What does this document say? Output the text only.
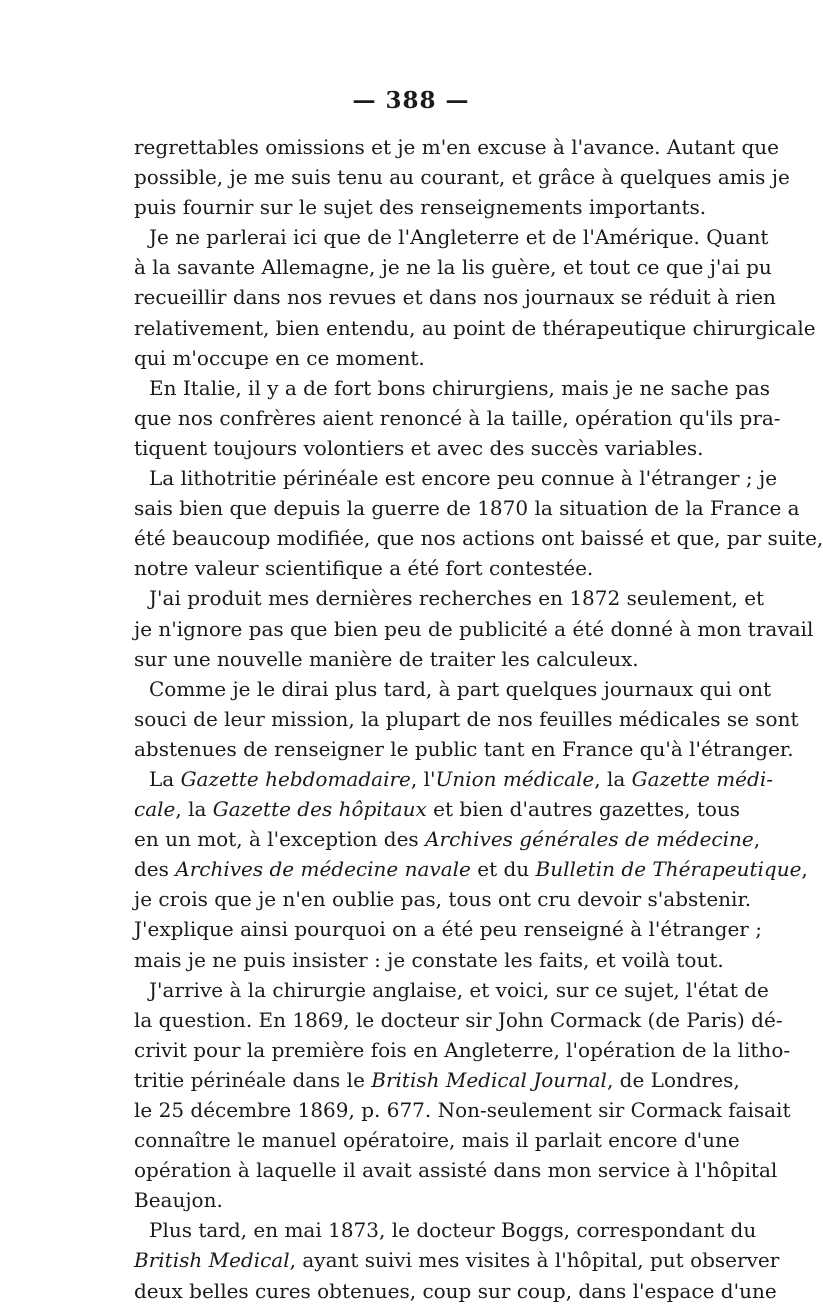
— 388 —
regrettables omissions et je m'en excuse à l'avance. Autant que
possible, je me suis tenu au courant, et grâce à quelques amis je
puis fournir sur le sujet des renseignements importants.
Je ne parlerai ici que de l'Angleterre et de l'Amérique. Quant
à la savante Allemagne, je ne la lis guère, et tout ce que j'ai pu
recueillir dans nos revues et dans nos journaux se réduit à rien
relativement, bien entendu, au point de thérapeutique chirurgicale
qui m'occupe en ce moment.
En Italie, il y a de fort bons chirurgiens, mais je ne sache pas
que nos confrères aient renoncé à la taille, opération qu'ils pra-
tiquent toujours volontiers et avec des succès variables.
La lithotritie périnéale est encore peu connue à l'étranger ; je
sais bien que depuis la guerre de 1870 la situation de la France a
été beaucoup modifiée, que nos actions ont baissé et que, par suite,
notre valeur scientifique a été fort contestée.
J'ai produit mes dernières recherches en 1872 seulement, et
je n'ignore pas que bien peu de publicité a été donné à mon travail
sur une nouvelle manière de traiter les calculeux.
Comme je le dirai plus tard, à part quelques journaux qui ont
souci de leur mission, la plupart de nos feuilles médicales se sont
abstenues de renseigner le public tant en France qu'à l'étranger.
La Gazette hebdomadaire, l'Union médicale, la Gazette médi-
cale, la Gazette des hôpitaux et bien d'autres gazettes, tous
en un mot, à l'exception des Archives générales de médecine,
des Archives de médecine navale et du Bulletin de Thérapeutique,
je crois que je n'en oublie pas, tous ont cru devoir s'abstenir.
J'explique ainsi pourquoi on a été peu renseigné à l'étranger ;
mais je ne puis insister : je constate les faits, et voilà tout.
J'arrive à la chirurgie anglaise, et voici, sur ce sujet, l'état de
la question. En 1869, le docteur sir John Cormack (de Paris) dé-
crivit pour la première fois en Angleterre, l'opération de la litho-
tritie périnéale dans le British Medical Journal, de Londres,
le 25 décembre 1869, p. 677. Non-seulement sir Cormack faisait
connaître le manuel opératoire, mais il parlait encore d'une
opération à laquelle il avait assisté dans mon service à l'hôpital
Beaujon.
Plus tard, en mai 1873, le docteur Boggs, correspondant du
British Medical, ayant suivi mes visites à l'hôpital, put observer
deux belles cures obtenues, coup sur coup, dans l'espace d'une
